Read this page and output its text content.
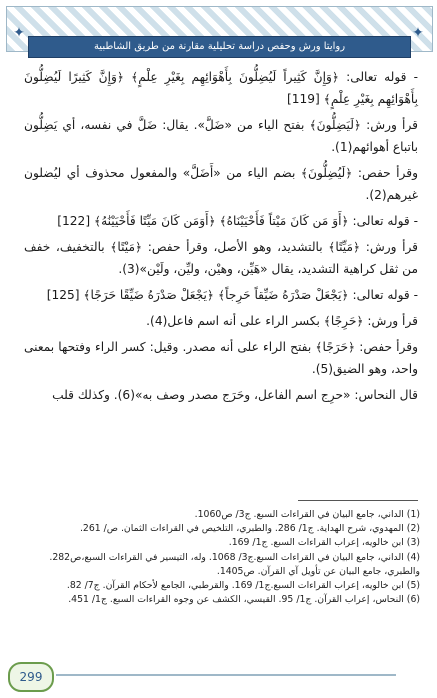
✦	✦
روايتا ورش وحفص دراسة تحليلية مقارنة من طريق الشاطبية

- قوله تعالى: ﴿وَإِنَّ كَثِيراً لَيُضِلُّونَ بِأَهْوَائِهِم بِغَيْرِ عِلْمٍ﴾ ﴿وَإِنَّ كَثِيرًا لَيُضِلُّونَ بِأَهْوَائِهِم بِغَيْرِ عِلْمٍ﴾ [119]

قرأ ورش: ﴿لَيَضِلُّونَ﴾ بفتح الياء من «ضَلَّ». يقال: ضَلَّ في نفسه، أي يَضِلُّون باتباع أهوائهم(1).

وقرأ حفص: ﴿لَيُضِلُّونَ﴾ بضم الياء من «أَضَلَّ» والمفعول محذوف أي ليُضلون غيرهم(2).

- قوله تعالى: ﴿أَوَ مَن كَانَ مَيْتاً فَأَحْيَيْنَاهُ﴾ ﴿أَوَمَن كَانَ مَيِّتًا فَأَحْيَيْنَٰهُ﴾ [122]

قرأ ورش: ﴿مَيِّتًا﴾ بالتشديد، وهو الأصل، وقرأ حفص: ﴿مَيْتًا﴾ بالتخفيف، خفف من ثقل كراهية التشديد، يقال «هَيِّن، وهيْن، وليِّن، ولَيْن»(3).

- قوله تعالى: ﴿يَجْعَلْ صَدْرَهُ ضَيِّقاً حَرِجاً﴾ ﴿يَجْعَلْ صَدْرَهُ ضَيِّقًا حَرَجًا﴾ [125]

قرأ ورش: ﴿حَرِجًا﴾ بكسر الراء على أنه اسم فاعل(4).

وقرأ حفص: ﴿حَرَجًا﴾ بفتح الراء على أنه مصدر. وقيل: كسر الراء وفتحها بمعنى واحد، وهو الضيق(5).

قال النحاس: «حرِج اسم الفاعل، وحَرَج مصدر وصف به»(6). وكذلك قلب

(1) الداني، جامع البيان في القراءات السبع. ج3/ ص1060.
(2) المهدوي، شرح الهداية. ج1/ 286. والطبري، التلخيص في القراءات الثمان. ص/ 261.
(3) ابن خالويه، إعراب القراءات السبع. ج1/ 169.
(4) الداني، جامع البيان في القراءات السبع.ج3/ 1068. وله، التيسير في القراءات السبع،ص282. والطبري، جامع البيان عن تأويل آي القرآن. ص1405.
(5) ابن خالويه، إعراب القراءات السبع.ج1/ 169. والقرطبي، الجامع لأحكام القرآن. ج7/ 82.
(6) النحاس، إعراب القرآن. ج1/ 95. القيسي، الكشف عن وجوه القراءات السبع. ج1/ 451.
299
